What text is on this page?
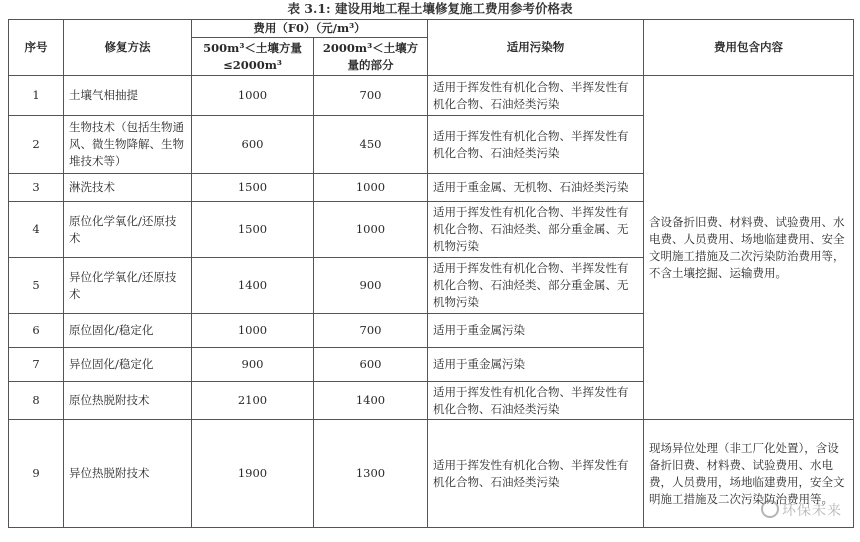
表 3.1: 建设用地工程土壤修复施工费用参考价格表
序号	修复方法	费用（F0）（元/m³）		适用污染物	费用包含内容
		500m³＜土壤方量≤2000m³	2000m³＜土壤方量的部分		
1	土壤气相抽提	1000	700	适用于挥发性有机化合物、半挥发性有机化合物、石油烃类污染	含设备折旧费、材料费、试验费用、水电费、人员费用、场地临建费用、安全文明施工措施及二次污染防治费用等，不含土壤挖掘、运输费用。
2	生物技术（包括生物通风、微生物降解、生物堆技术等）	600	450	适用于挥发性有机化合物、半挥发性有机化合物、石油烃类污染	
3	淋洗技术	1500	1000	适用于重金属、无机物、石油烃类污染	
4	原位化学氧化/还原技术	1500	1000	适用于挥发性有机化合物、半挥发性有机化合物、石油烃类、部分重金属、无机物污染	
5	异位化学氧化/还原技术	1400	900	适用于挥发性有机化合物、半挥发性有机化合物、石油烃类、部分重金属、无机物污染	
6	原位固化/稳定化	1000	700	适用于重金属污染	
7	异位固化/稳定化	900	600	适用于重金属污染	
8	原位热脱附技术	2100	1400	适用于挥发性有机化合物、半挥发性有机化合物、石油烃类污染	
9	异位热脱附技术	1900	1300	适用于挥发性有机化合物、半挥发性有机化合物、石油烃类污染	现场异位处理（非工厂化处置），含设备折旧费、材料费、试验费用、水电费，人员费用，场地临建费用，安全文明施工措施及二次污染防治费用等。
环保未来
